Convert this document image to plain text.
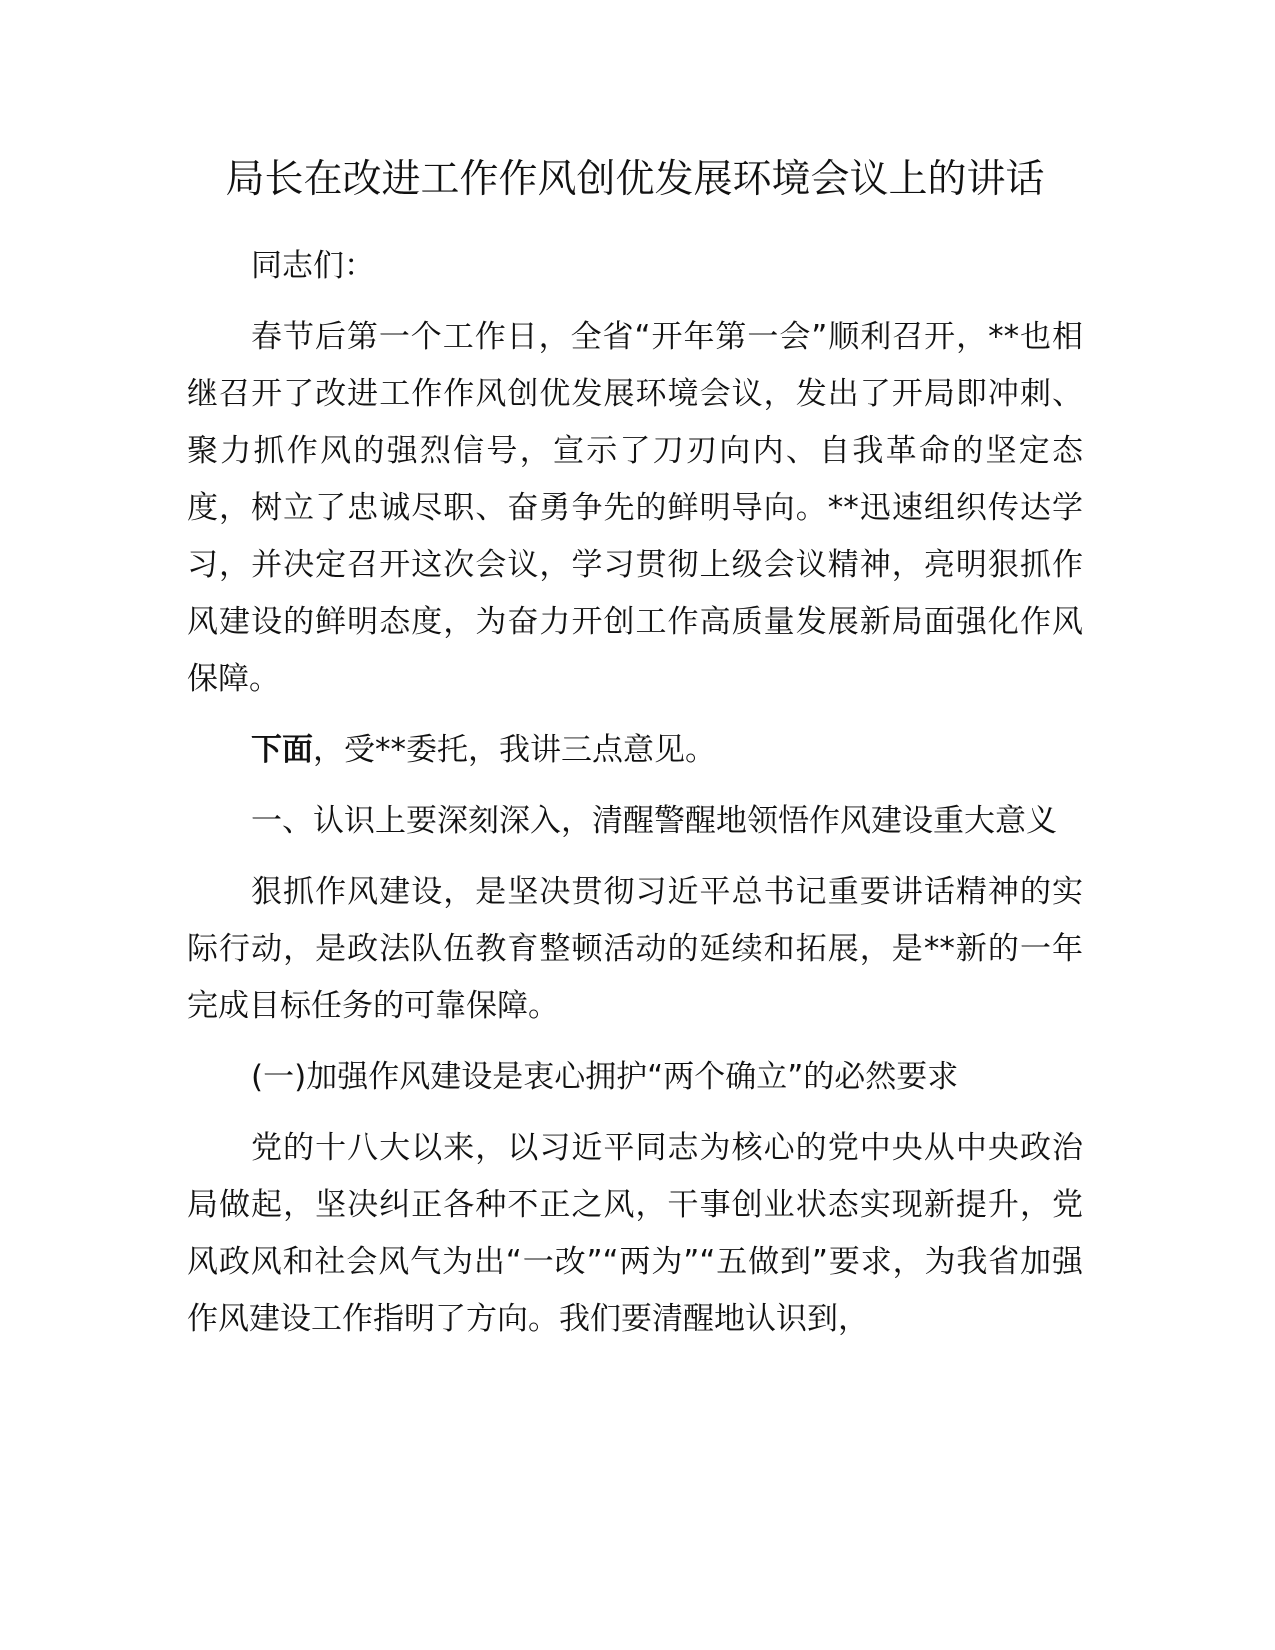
局长在改进工作作风创优发展环境会议上的讲话

同志们：

春节后第一个工作日，全省“开年第一会”顺利召开，**也相继召开了改进工作作风创优发展环境会议，发出了开局即冲刺、聚力抓作风的强烈信号，宣示了刀刃向内、自我革命的坚定态度，树立了忠诚尽职、奋勇争先的鲜明导向。**迅速组织传达学习，并决定召开这次会议，学习贯彻上级会议精神，亮明狠抓作风建设的鲜明态度，为奋力开创工作高质量发展新局面强化作风保障。

下面，受**委托，我讲三点意见。

一、认识上要深刻深入，清醒警醒地领悟作风建设重大意义

狠抓作风建设，是坚决贯彻习近平总书记重要讲话精神的实际行动，是政法队伍教育整顿活动的延续和拓展，是**新的一年完成目标任务的可靠保障。

(一)加强作风建设是衷心拥护“两个确立”的必然要求

党的十八大以来，以习近平同志为核心的党中央从中央政治局做起，坚决纠正各种不正之风，干事创业状态实现新提升，党风政风和社会风气为出“一改”“两为”“五做到”要求，为我省加强作风建设工作指明了方向。我们要清醒地认识到，
